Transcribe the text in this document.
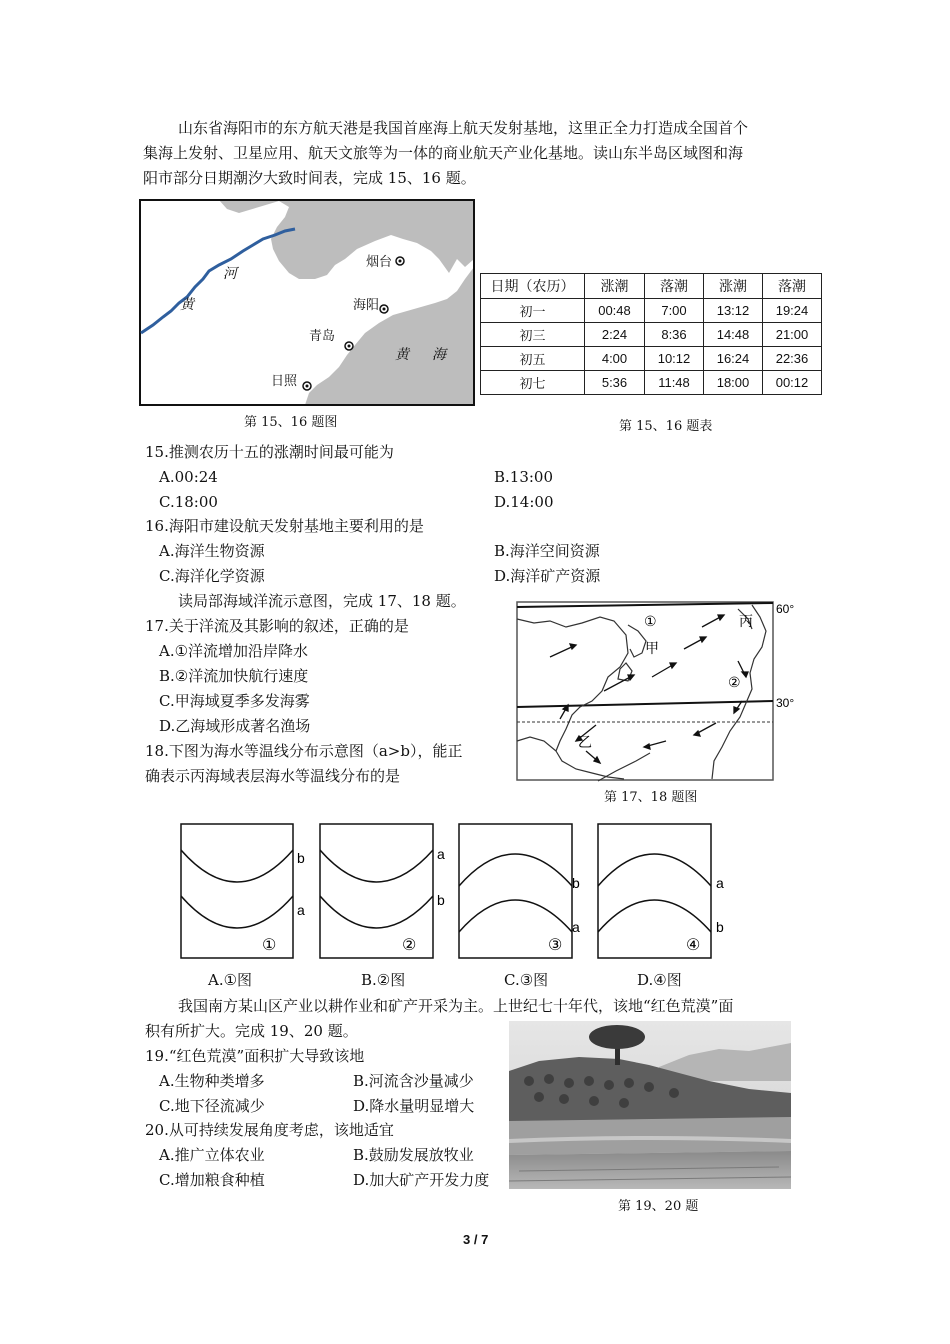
山东省海阳市的东方航天港是我国首座海上航天发射基地，这里正全力打造成全国首个
集海上发射、卫星应用、航天文旅等为一体的商业航天产业化基地。读山东半岛区域图和海
阳市部分日期潮汐大致时间表，完成 15、16 题。
烟台
海阳
青岛
日照
黄 海
黄
河
第 15、16 题图
日期（农历）	涨潮	落潮	涨潮	落潮
初一	00:48	7:00	13:12	19:24
初三	2:24	8:36	14:48	21:00
初五	4:00	10:12	16:24	22:36
初七	5:36	11:48	18:00	00:12
第 15、16 题表
15.推测农历十五的涨潮时间最可能为
A.00:24	B.13:00
C.18:00	D.14:00
16.海阳市建设航天发射基地主要利用的是
A.海洋生物资源	B.海洋空间资源
C.海洋化学资源	D.海洋矿产资源
读局部海域洋流示意图，完成 17、18 题。
17.关于洋流及其影响的叙述，正确的是
A.①洋流增加沿岸降水
B.②洋流加快航行速度
C.甲海域夏季多发海雾
D.乙海域形成著名渔场
18.下图为海水等温线分布示意图（a>b），能正
确表示丙海域表层海水等温线分布的是
①	丙
甲
②
乙
60°
30°
第 17、18 题图
b
a
①
a
b
②
b
a
③
a
b
④
A.①图	B.②图	C.③图	D.④图
我国南方某山区产业以耕作业和矿产开采为主。上世纪七十年代，该地“红色荒漠”面
积有所扩大。完成 19、20 题。
19.“红色荒漠”面积扩大导致该地
A.生物种类增多	B.河流含沙量减少
C.地下径流减少	D.降水量明显增大
20.从可持续发展角度考虑，该地适宜
A.推广立体农业	B.鼓励发展放牧业
C.增加粮食种植	D.加大矿产开发力度
第 19、20 题
3 / 7
